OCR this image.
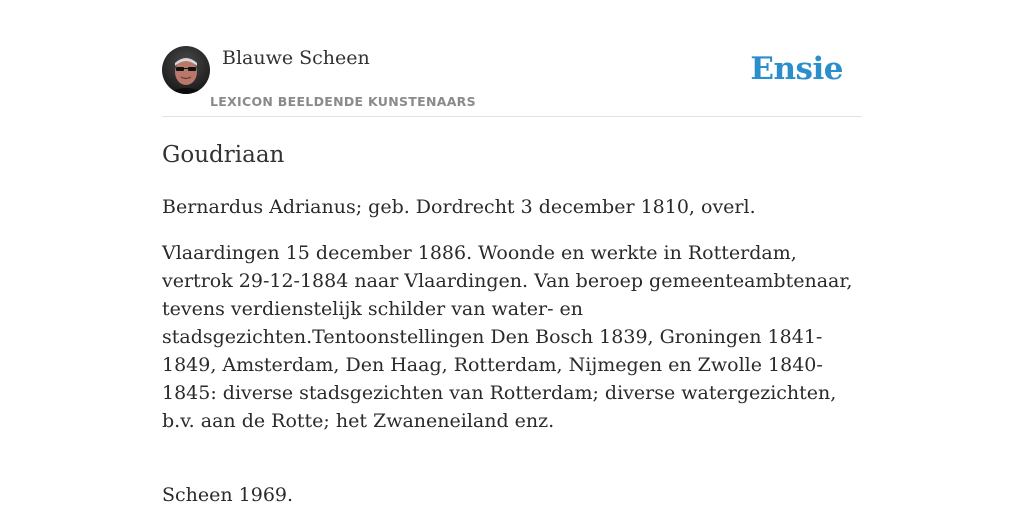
Blauwe Scheen
LEXICON BEELDENDE KUNSTENAARS
Ensie
Goudriaan

Bernardus Adrianus; geb. Dordrecht 3 december 1810, overl.

Vlaardingen 15 december 1886. Woonde en werkte in Rotterdam, vertrok 29-12-1884 naar Vlaardingen. Van beroep gemeenteambtenaar, tevens verdienstelijk schilder van water- en stadsgezichten.Tentoonstellingen Den Bosch 1839, Groningen 1841-1849, Amsterdam, Den Haag, Rotterdam, Nijmegen en Zwolle 1840-1845: diverse stadsgezichten van Rotterdam; diverse watergezichten, b.v. aan de Rotte; het Zwaneneiland enz.

Scheen 1969.
